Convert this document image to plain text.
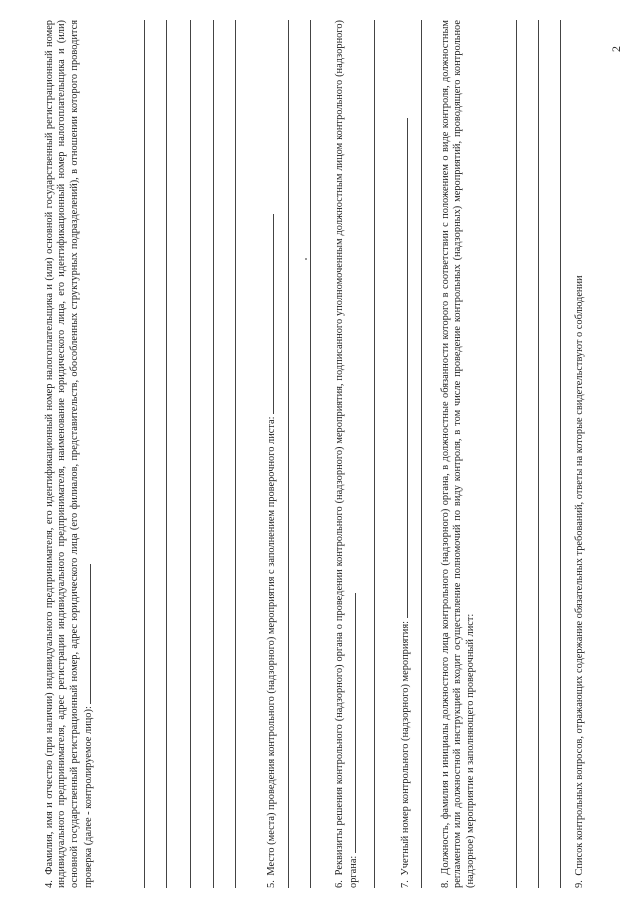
2

4. Фамилия, имя и отчество (при наличии) индивидуального предпринимателя, его идентификационный номер налогоплательщика и (или) основной государственный регистрационный номер индивидуального предпринимателя, адрес регистрации индивидуального предпринимателя, наименование юридического лица, его идентификационный номер налогоплательщика и (или) основной государственный регистрационный номер, адрес юридического лица (его филиалов, представительств, обособленных структурных подразделений), в отношении которого проводится проверка (далее - контролируемое лицо):	5. Место (места) проведения контрольного (надзорного) мероприятия с заполнением проверочного листа:

6. Реквизиты решения контрольного (надзорного) органа о проведении контрольного (надзорного) мероприятия, подписанного уполномоченным должностным лицом контрольного (надзорного) органа:	7. Учетный номер контрольного (надзорного) мероприятия:

8. Должность, фамилия и инициалы должностного лица контрольного (надзорного) органа, в должностные обязанности которого в соответствии с положением о виде контроля, должностным регламентом или должностной инструкцией входит осуществление полномочий по виду контроля, в том числе проведение контрольных (надзорных) мероприятий, проводящего контрольное (надзорное) мероприятие и заполняющего проверочный лист:	9. Список контрольных вопросов, отражающих содержание обязательных требований, ответы на которые свидетельствуют о соблюдении
